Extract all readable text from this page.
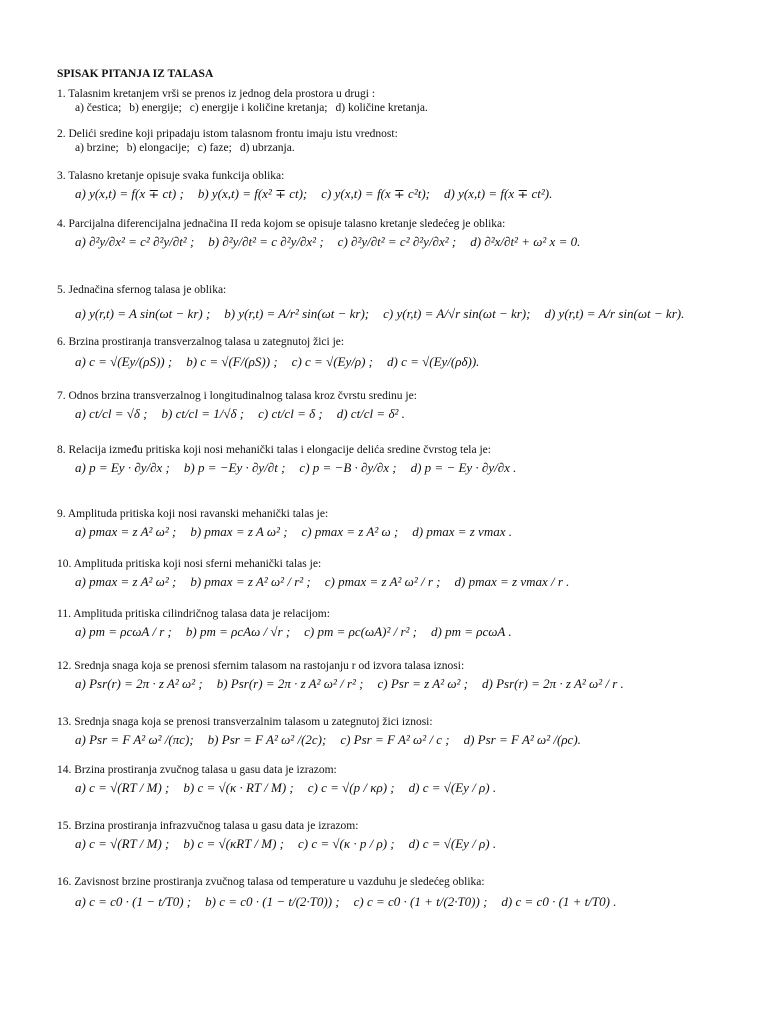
SPISAK PITANJA IZ TALASA
1. Talasnim kretanjem vrši se prenos iz jednog dela prostora u drugi :
a) čestica; b) energije; c) energije i količine kretanja; d) količine kretanja.
2. Delići sredine koji pripadaju istom talasnom frontu imaju istu vrednost:
a) brzine; b) elongacije; c) faze; d) ubrzanja.
3. Talasno kretanje opisuje svaka funkcija oblika:
a) y(x,t) = f(x ∓ ct) ; b) y(x,t) = f(x² ∓ ct); c) y(x,t) = f(x ∓ c²t); d) y(x,t) = f(x ∓ ct²).
4. Parcijalna diferencijalna jednačina II reda kojom se opisuje talasno kretanje sledećeg je oblika:
a) ∂²y/∂x² = c² ∂²y/∂t² ; b) ∂²y/∂t² = c ∂²y/∂x² ; c) ∂²y/∂t² = c² ∂²y/∂x² ; d) ∂²x/∂t² + ω² x = 0.
5. Jednačina sfernog talasa je oblika:
a) y(r,t) = A sin(ωt − kr) ; b) y(r,t) = A/r² sin(ωt − kr); c) y(r,t) = A/√r sin(ωt − kr); d) y(r,t) = A/r sin(ωt − kr).
6. Brzina prostiranja transverzalnog talasa u zategnutoj žici je:
a) c = √(Ey/(ρS)) ; b) c = √(F/(ρS)) ; c) c = √(Ey/ρ) ; d) c = √(Ey/(ρδ)).
7. Odnos brzina transverzalnog i longitudinalnog talasa kroz čvrstu sredinu je:
a) ct/cl = √δ ; b) ct/cl = 1/√δ ; c) ct/cl = δ ; d) ct/cl = δ² .
8. Relacija između pritiska koji nosi mehanički talas i elongacije delića sredine čvrstog tela je:
a) p = Ey · ∂y/∂x ; b) p = −Ey · ∂y/∂t ; c) p = −B · ∂y/∂x ; d) p = − Ey · ∂y/∂x .
9. Amplituda pritiska koji nosi ravanski mehanički talas je:
a) pmax = z A² ω² ; b) pmax = z A ω² ; c) pmax = z A² ω ; d) pmax = z vmax .
10. Amplituda pritiska koji nosi sferni mehanički talas je:
a) pmax = z A² ω² ; b) pmax = z A² ω² / r² ; c) pmax = z A² ω² / r ; d) pmax = z vmax / r .
11. Amplituda pritiska cilindričnog talasa data je relacijom:
a) pm = ρcωA / r ; b) pm = ρcAω / √r ; c) pm = ρc(ωA)² / r² ; d) pm = ρcωA .
12. Srednja snaga koja se prenosi sfernim talasom na rastojanju r od izvora talasa iznosi:
a) Psr(r) = 2π · z A² ω² ; b) Psr(r) = 2π · z A² ω² / r² ; c) Psr = z A² ω² ; d) Psr(r) = 2π · z A² ω² / r .
13. Srednja snaga koja se prenosi transverzalnim talasom u zategnutoj žici iznosi:
a) Psr = F A² ω² /(πc); b) Psr = F A² ω² /(2c); c) Psr = F A² ω² / c ; d) Psr = F A² ω² /(ρc).
14. Brzina prostiranja zvučnog talasa u gasu data je izrazom:
a) c = √(RT / M) ; b) c = √(κ · RT / M) ; c) c = √(p / κρ) ; d) c = √(Ey / ρ) .
15. Brzina prostiranja infrazvučnog talasa u gasu data je izrazom:
a) c = √(RT / M) ; b) c = √(κRT / M) ; c) c = √(κ · p / ρ) ; d) c = √(Ey / ρ) .
16. Zavisnost brzine prostiranja zvučnog talasa od temperature u vazduhu je sledećeg oblika:
a) c = c0 · (1 − t/T0) ; b) c = c0 · (1 − t/(2·T0)) ; c) c = c0 · (1 + t/(2·T0)) ; d) c = c0 · (1 + t/T0) .
